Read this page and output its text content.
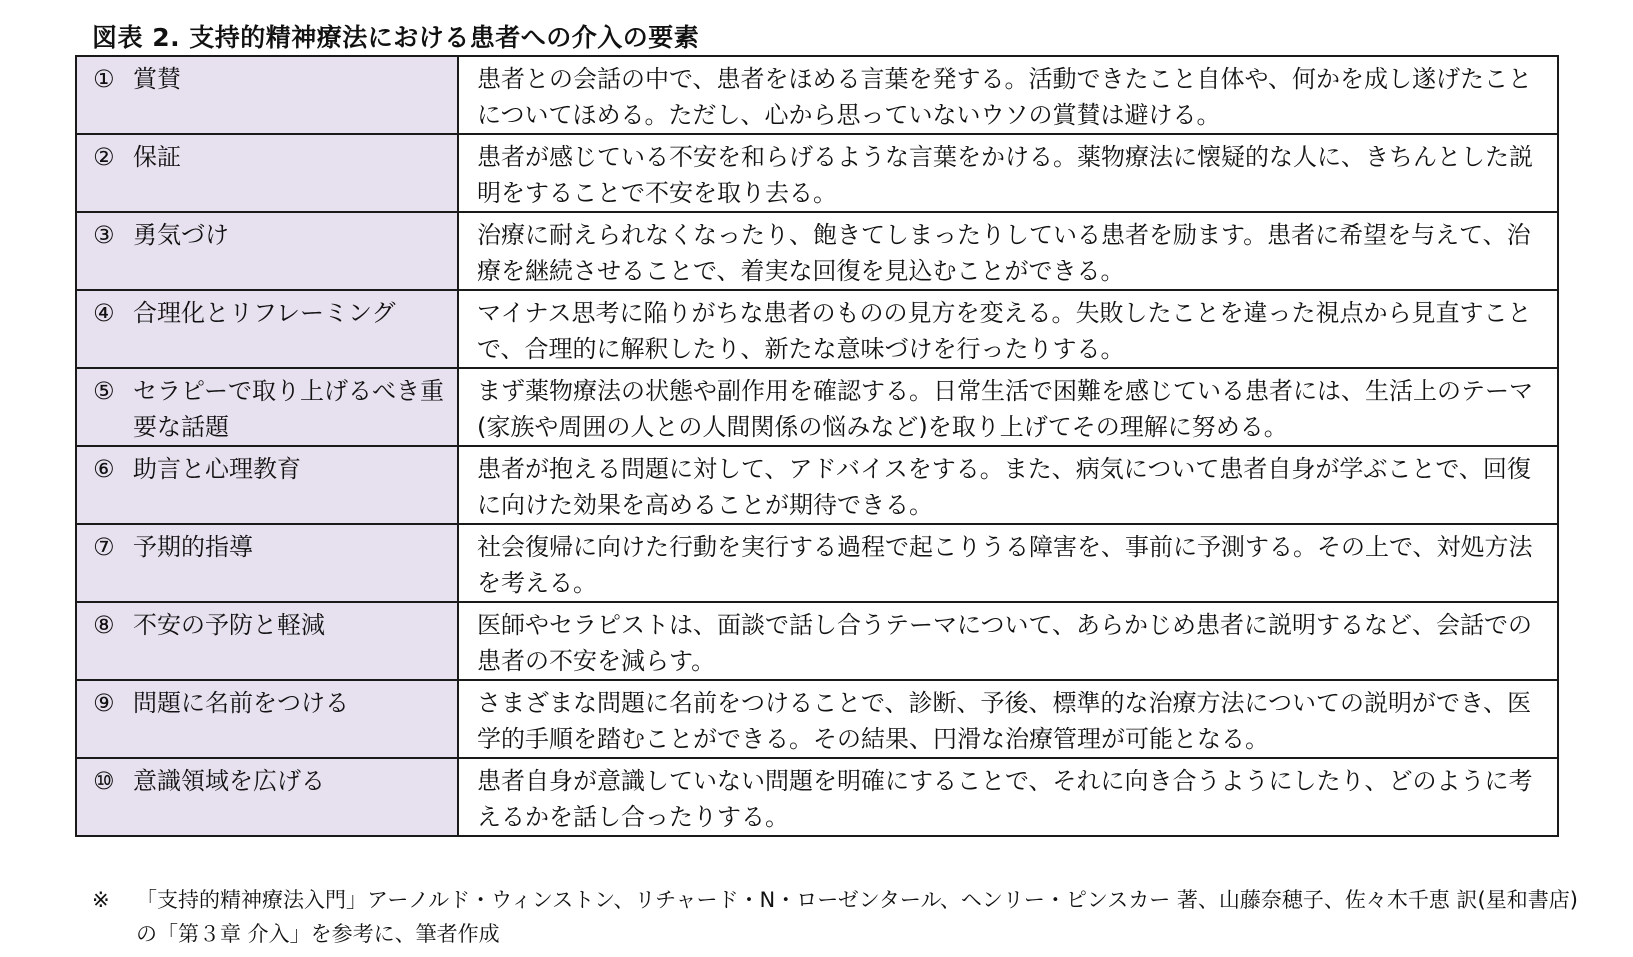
図表 2. 支持的精神療法における患者への介入の要素
① 賞賛	患者との会話の中で、患者をほめる言葉を発する。活動できたこと自体や、何かを成し遂げたことについてほめる。ただし、心から思っていないウソの賞賛は避ける。

② 保証	患者が感じている不安を和らげるような言葉をかける。薬物療法に懐疑的な人に、きちんとした説明をすることで不安を取り去る。

③ 勇気づけ	治療に耐えられなくなったり、飽きてしまったりしている患者を励ます。患者に希望を与えて、治療を継続させることで、着実な回復を見込むことができる。

④ 合理化とリフレーミング	マイナス思考に陥りがちな患者のものの見方を変える。失敗したことを違った視点から見直すことで、合理的に解釈したり、新たな意味づけを行ったりする。

⑤ セラピーで取り上げるべき重要な話題	まず薬物療法の状態や副作用を確認する。日常生活で困難を感じている患者には、生活上のテーマ(家族や周囲の人との人間関係の悩みなど)を取り上げてその理解に努める。

⑥ 助言と心理教育	患者が抱える問題に対して、アドバイスをする。また、病気について患者自身が学ぶことで、回復に向けた効果を高めることが期待できる。

⑦ 予期的指導	社会復帰に向けた行動を実行する過程で起こりうる障害を、事前に予測する。その上で、対処方法を考える。

⑧ 不安の予防と軽減	医師やセラピストは、面談で話し合うテーマについて、あらかじめ患者に説明するなど、会話での患者の不安を減らす。

⑨ 問題に名前をつける	さまざまな問題に名前をつけることで、診断、予後、標準的な治療方法についての説明ができ、医学的手順を踏むことができる。その結果、円滑な治療管理が可能となる。

⑩ 意識領域を広げる	患者自身が意識していない問題を明確にすることで、それに向き合うようにしたり、どのように考えるかを話し合ったりする。
※	「支持的精神療法入門」アーノルド・ウィンストン、リチャード・N・ローゼンタール、ヘンリー・ピンスカー 著、山藤奈穂子、佐々木千恵 訳(星和書店)の「第３章 介入」を参考に、筆者作成
